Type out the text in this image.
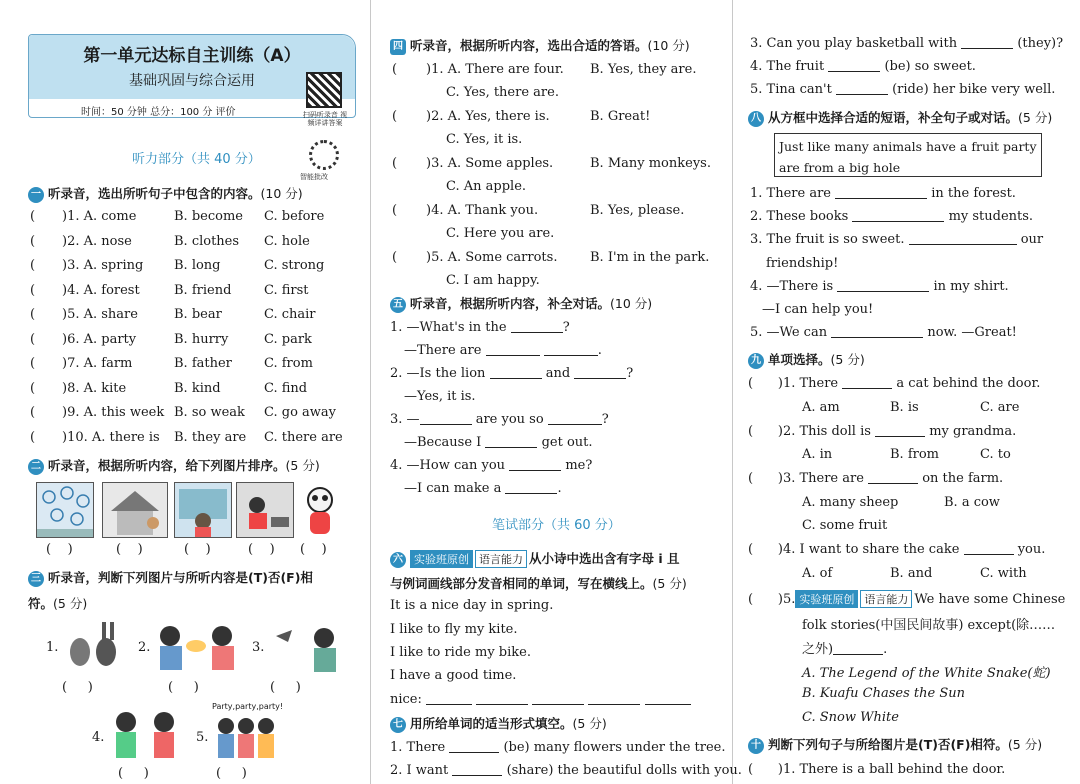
第一单元达标自主训练（A）
基础巩固与综合运用
时间：50 分钟 总分：100 分 评价	扫码听录音 视频详讲答案
智能批改
听力部分（共 40 分）
一 听录音，选出所听句子中包含的内容。(10 分)
( )1. A. come	B. become C. before
( )2. A. nose	B. clothes C. hole
( )3. A. spring B. long	C. strong
( )4. A. forest	B. friend	C. first
( )5. A. share	B. bear	C. chair
( )6. A. party	B. hurry	C. park
( )7. A. farm	B. father C. from
( )8. A. kite	B. kind	C. find
( )9. A. this week B. so weak C. go away
( )10. A. there is B. they are C. there are
二 听录音，根据所听内容，给下列图片排序。(5 分)
( )	( )	( )	( ) ( )
三 听录音，判断下列图片与所听内容是(T)否(F)相
符。(5 分)
1.	2.	3.
( )	( )	( )
4.	5.
Party,party,party!
( )	( )
四 听录音，根据所听内容，选出合适的答语。(10 分)
( )1. A. There are four. B. Yes, they are.
C. Yes, there are.
( )2. A. Yes, there is.	B. Great!
C. Yes, it is.
( )3. A. Some apples.	B. Many monkeys.
C. An apple.
( )4. A. Thank you.	B. Yes, please.
C. Here you are.
( )5. A. Some carrots.	B. I'm in the park.
C. I am happy.
五 听录音，根据所听内容，补全对话。(10 分)
1. —What's in the	?
—There are	.
2. —Is the lion	and	?
—Yes, it is.
3. —	are you so	?
—Because I	get out.
4. —How can you	me?
—I can make a	.
笔试部分（共 60 分）
六 实验班原创 语言能力 从小诗中选出含有字母 i 且
与例词画线部分发音相同的单词，写在横线上。(5 分)
It is a nice day in spring.
I like to fly my kite.
I like to ride my bike.
I have a good time.
nice:
七 用所给单词的适当形式填空。(5 分)
1. There	(be) many flowers under the tree.
2. I want	(share) the beautiful dolls with you.
3. Can you play basketball with	(they)?
4. The fruit	(be) so sweet.
5. Tina can't	(ride) her bike very well.
八 从方框中选择合适的短语，补全句子或对话。(5 分)
Just like many animals have a fruit party
are from a big hole
1. There are	in the forest.
2. These books	my students.
3. The fruit is so sweet.	our
friendship!
4. —There is	in my shirt.
—I can help you!
5. —We can	now. —Great!
九 单项选择。(5 分)
( )1. There	a cat behind the door.
A. am	B. is	C. are
( )2. This doll is	my grandma.
A. in	B. from	C. to
( )3. There are	on the farm.
A. many sheep	B. a cow
C. some fruit
( )4. I want to share the cake	you.
A. of	B. and	C. with
( )5. 实验班原创 语言能力 We have some Chinese
folk stories(中国民间故事) except(除……
之外)	.
A. The Legend of the White Snake(蛇)
B. Kuafu Chases the Sun
C. Snow White
十 判断下列句子与所给图片是(T)否(F)相符。(5 分)
( )1. There is a ball behind the door.
